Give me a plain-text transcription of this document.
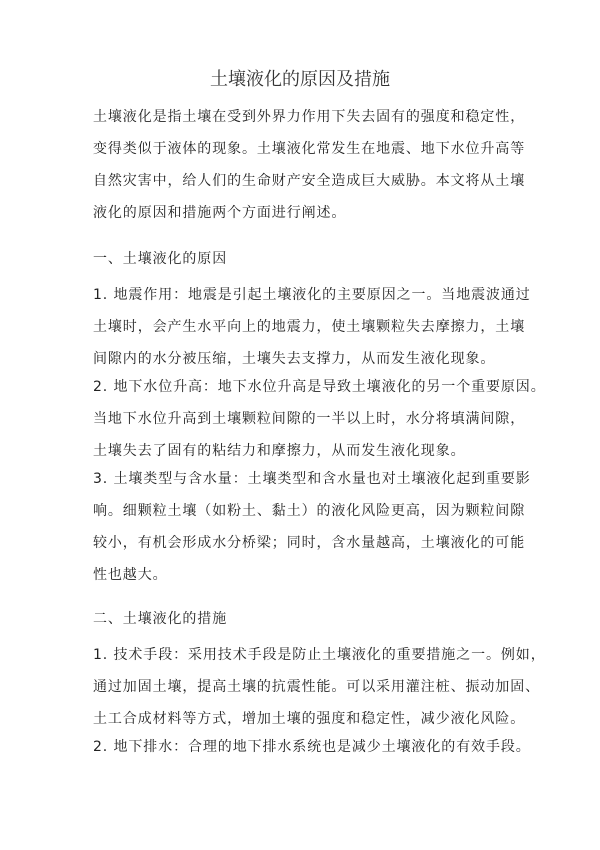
土壤液化的原因及措施
土壤液化是指土壤在受到外界力作用下失去固有的强度和稳定性，
变得类似于液体的现象。土壤液化常发生在地震、地下水位升高等
自然灾害中，给人们的生命财产安全造成巨大威胁。本文将从土壤
液化的原因和措施两个方面进行阐述。
一、土壤液化的原因
1. 地震作用：地震是引起土壤液化的主要原因之一。当地震波通过
土壤时，会产生水平向上的地震力，使土壤颗粒失去摩擦力，土壤
间隙内的水分被压缩，土壤失去支撑力，从而发生液化现象。
2. 地下水位升高：地下水位升高是导致土壤液化的另一个重要原因。
当地下水位升高到土壤颗粒间隙的一半以上时，水分将填满间隙，
土壤失去了固有的粘结力和摩擦力，从而发生液化现象。
3. 土壤类型与含水量：土壤类型和含水量也对土壤液化起到重要影
响。细颗粒土壤（如粉土、黏土）的液化风险更高，因为颗粒间隙
较小，有机会形成水分桥梁；同时，含水量越高，土壤液化的可能
性也越大。
二、土壤液化的措施
1. 技术手段：采用技术手段是防止土壤液化的重要措施之一。例如，
通过加固土壤，提高土壤的抗震性能。可以采用灌注桩、振动加固、
土工合成材料等方式，增加土壤的强度和稳定性，减少液化风险。
2. 地下排水：合理的地下排水系统也是减少土壤液化的有效手段。
